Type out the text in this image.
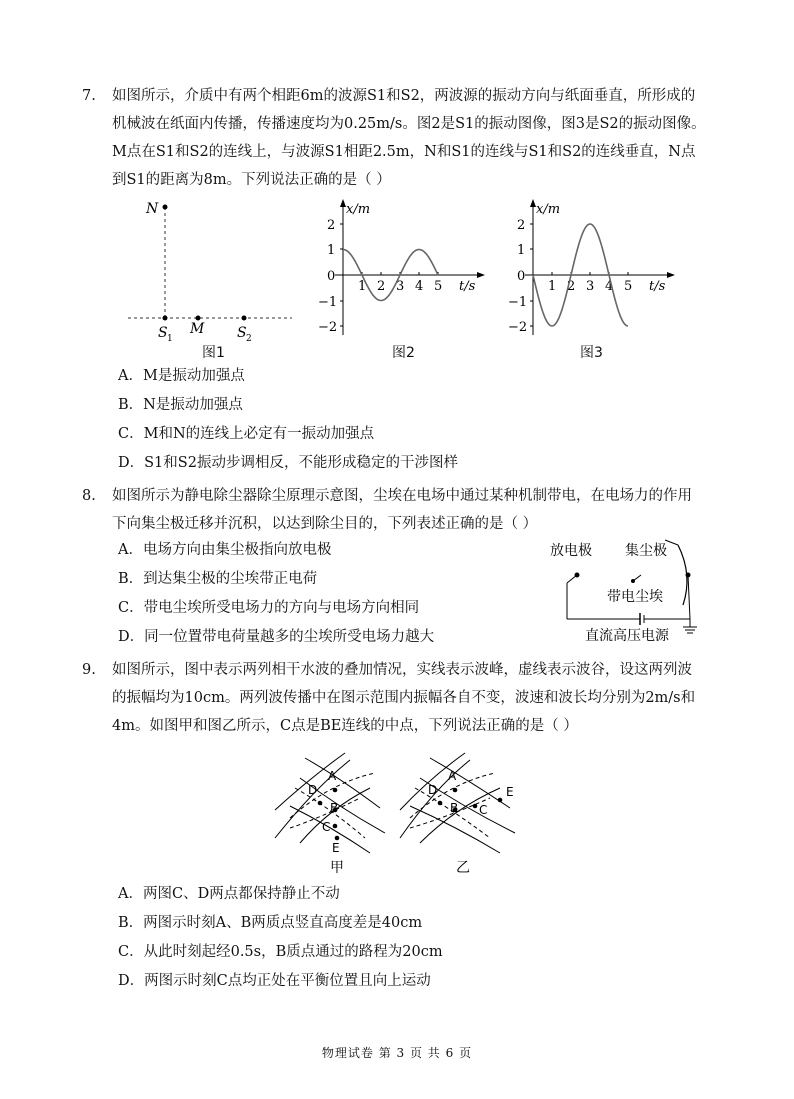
7. 如图所示，介质中有两个相距6m的波源S1和S2，两波源的振动方向与纸面垂直，所形成的
机械波在纸面内传播，传播速度均为0.25m/s。图2是S1的振动图像，图3是S2的振动图像。
M点在S1和S2的连线上，与波源S1相距2.5m，N和S1的连线与S1和S2的连线垂直，N点
到S1的距离为8m。下列说法正确的是（ ）
N
S 1
M S 2
图1
x/m
t/s
2
1
0
−1
−2
1 2 3 4 5
图2
x/m
t/s
2
1
0
−1
−2
1 2 3 4 5
图3
A．M是振动加强点
B．N是振动加强点
C．M和N的连线上必定有一振动加强点
D．S1和S2振动步调相反，不能形成稳定的干涉图样
8. 如图所示为静电除尘器除尘原理示意图，尘埃在电场中通过某种机制带电，在电场力的作用
下向集尘极迁移并沉积，以达到除尘目的，下列表述正确的是（ ）
A．电场方向由集尘极指向放电极
B．到达集尘极的尘埃带正电荷
C．带电尘埃所受电场力的方向与电场方向相同
D．同一位置带电荷量越多的尘埃所受电场力越大
放电极 集尘极
带电尘埃
直流高压电源
9. 如图所示，图中表示两列相干水波的叠加情况，实线表示波峰，虚线表示波谷，设这两列波
的振幅均为10cm。两列波传播中在图示范围内振幅各自不变，波速和波长均分别为2m/s和
4m。如图甲和图乙所示，C点是BE连线的中点，下列说法正确的是（ ）
A
D
B
C
E
甲
A
D
B C
E
乙
A．两图C、D两点都保持静止不动
B．两图示时刻A、B两质点竖直高度差是40cm
C．从此时刻起经0.5s，B质点通过的路程为20cm
D．两图示时刻C点均正处在平衡位置且向上运动
物理试卷 第 3 页 共 6 页
